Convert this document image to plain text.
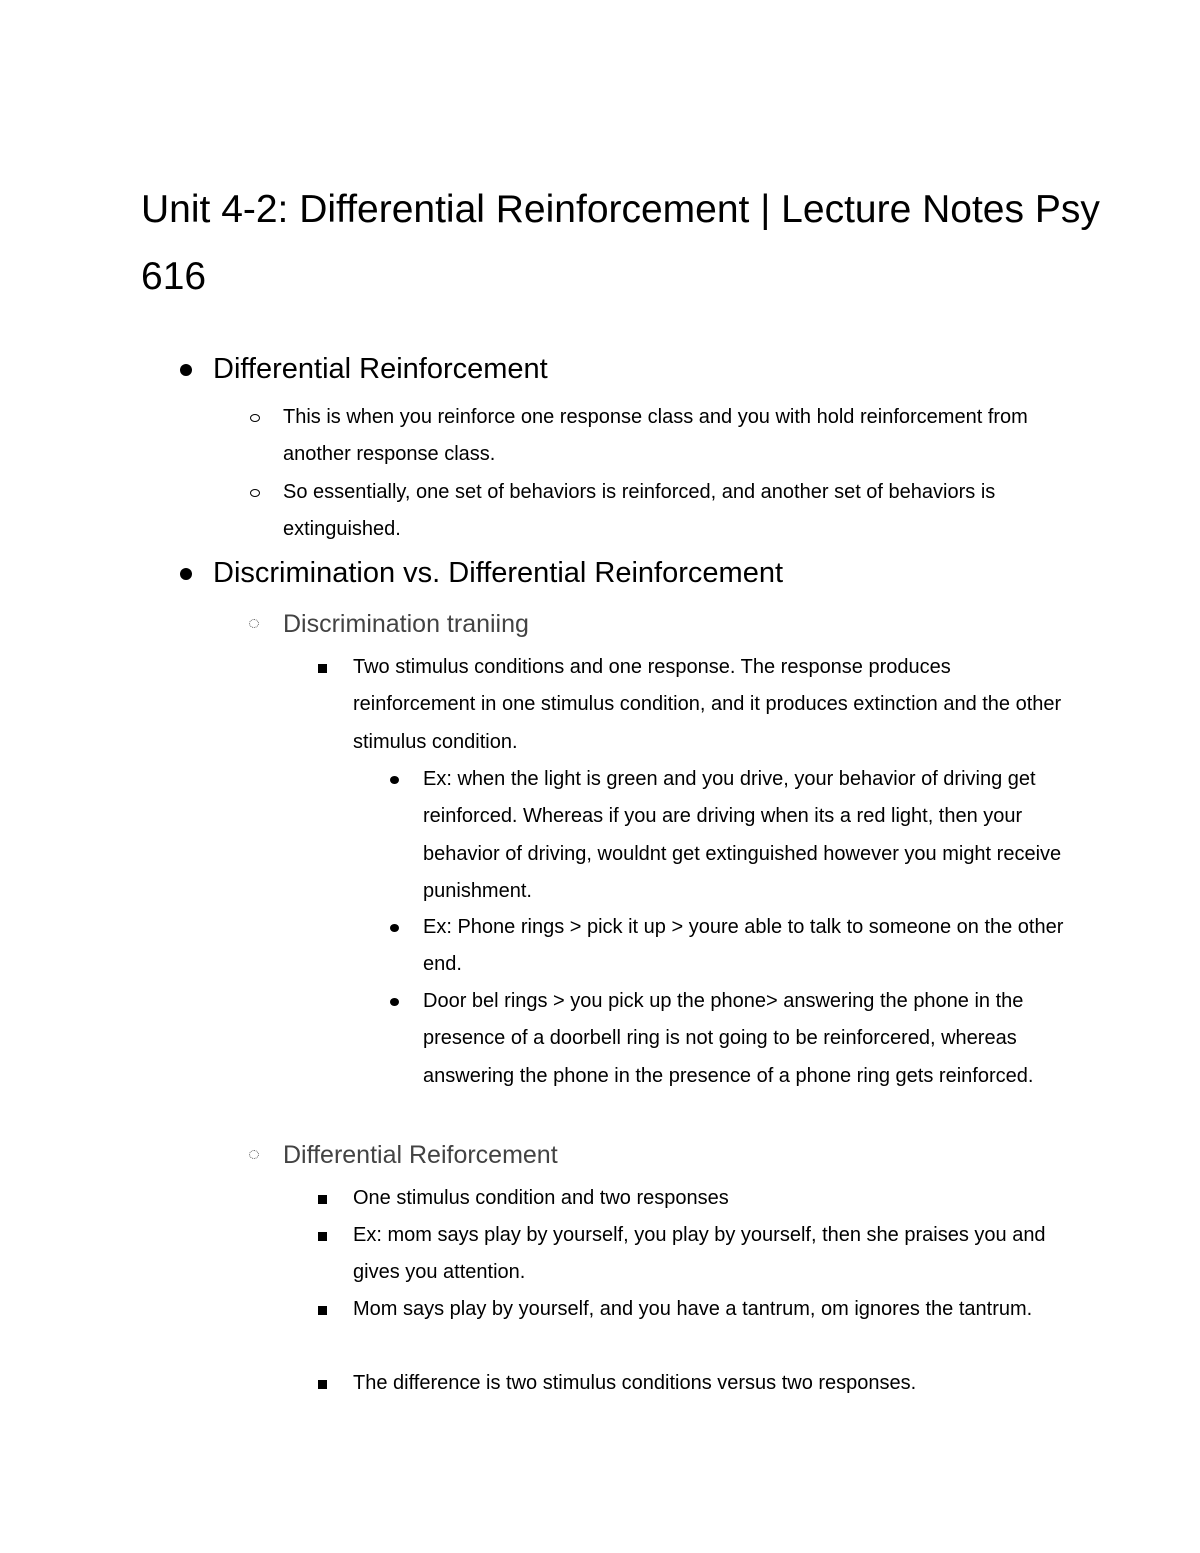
Unit 4-2: Differential Reinforcement | Lecture Notes Psy 616

Differential Reinforcement

This is when you reinforce one response class and you with hold reinforcement from another response class.

So essentially, one set of behaviors is reinforced, and another set of behaviors is extinguished.

Discrimination vs. Differential Reinforcement

Discrimination traniing

Two stimulus conditions and one response. The response produces reinforcement in one stimulus condition, and it produces extinction and the other stimulus condition.

Ex: when the light is green and you drive, your behavior of driving get reinforced. Whereas if you are driving when its a red light, then your behavior of driving, wouldnt get extinguished however you might receive punishment.

Ex: Phone rings > pick it up > youre able to talk to someone on the other end.

Door bel rings > you pick up the phone> answering the phone in the presence of a doorbell ring is not going to be reinforcered, whereas answering the phone in the presence of a phone ring gets reinforced.

Differential Reiforcement

One stimulus condition and two responses

Ex: mom says play by yourself, you play by yourself, then she praises you and gives you attention.

Mom says play by yourself, and you have a tantrum, om ignores the tantrum.

The difference is two stimulus conditions versus two responses.
